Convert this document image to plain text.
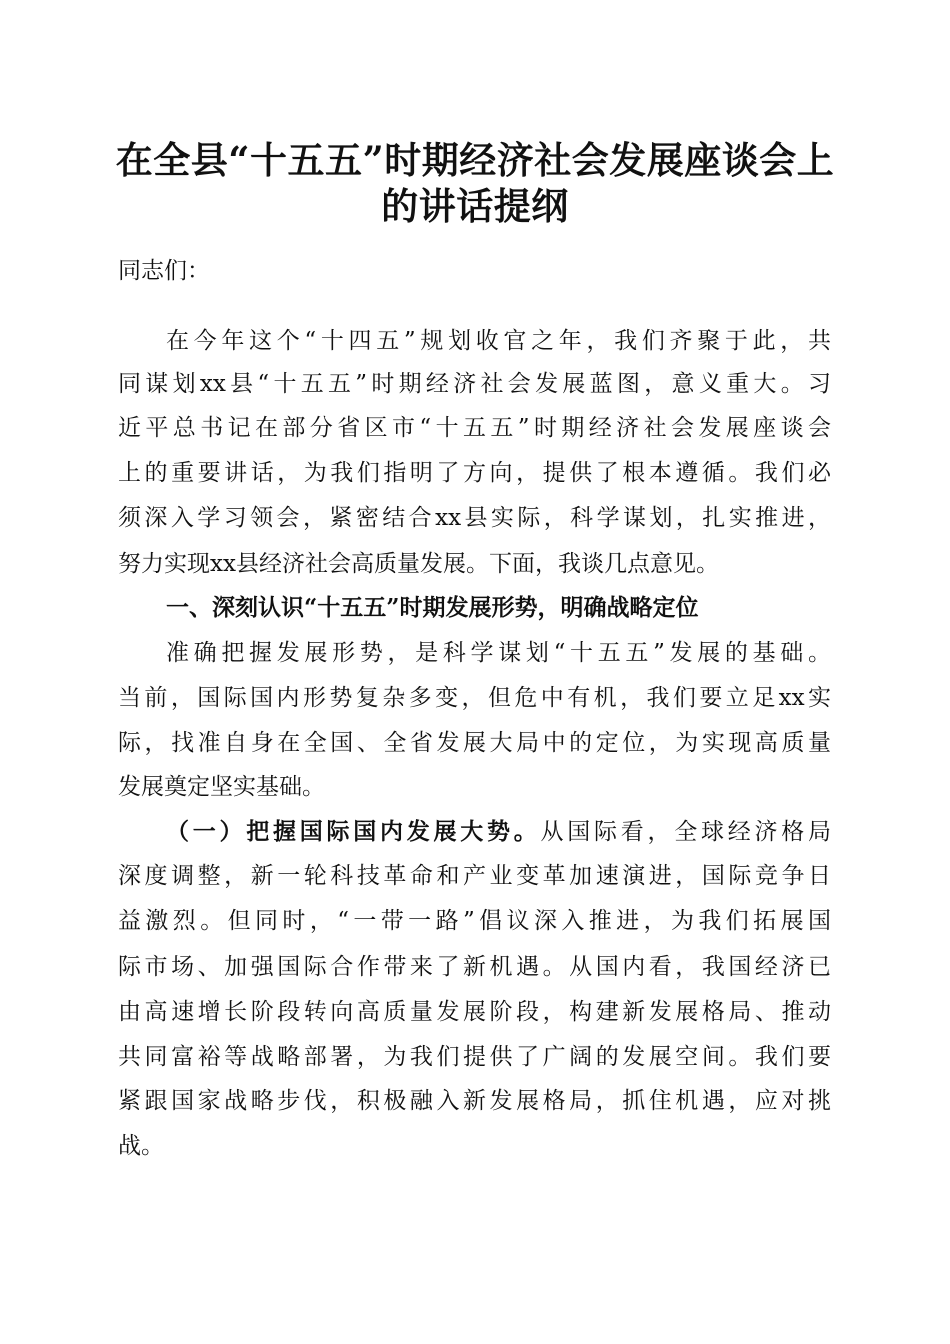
在全县“十五五”时期经济社会发展座谈会上
的讲话提纲
同志们：
在今年这个“十四五”规划收官之年，我们齐聚于此，共
同谋划xx县“十五五”时期经济社会发展蓝图，意义重大。习
近平总书记在部分省区市“十五五”时期经济社会发展座谈会
上的重要讲话，为我们指明了方向，提供了根本遵循。我们必
须深入学习领会，紧密结合xx县实际，科学谋划，扎实推进，
努力实现xx县经济社会高质量发展。下面，我谈几点意见。
一、深刻认识“十五五”时期发展形势，明确战略定位
准确把握发展形势，是科学谋划“十五五”发展的基础。
当前，国际国内形势复杂多变，但危中有机，我们要立足xx实
际，找准自身在全国、全省发展大局中的定位，为实现高质量
发展奠定坚实基础。
（一）把握国际国内发展大势。从国际看，全球经济格局
深度调整，新一轮科技革命和产业变革加速演进，国际竞争日
益激烈。但同时，“一带一路”倡议深入推进，为我们拓展国
际市场、加强国际合作带来了新机遇。从国内看，我国经济已
由高速增长阶段转向高质量发展阶段，构建新发展格局、推动
共同富裕等战略部署，为我们提供了广阔的发展空间。我们要
紧跟国家战略步伐，积极融入新发展格局，抓住机遇，应对挑
战。
